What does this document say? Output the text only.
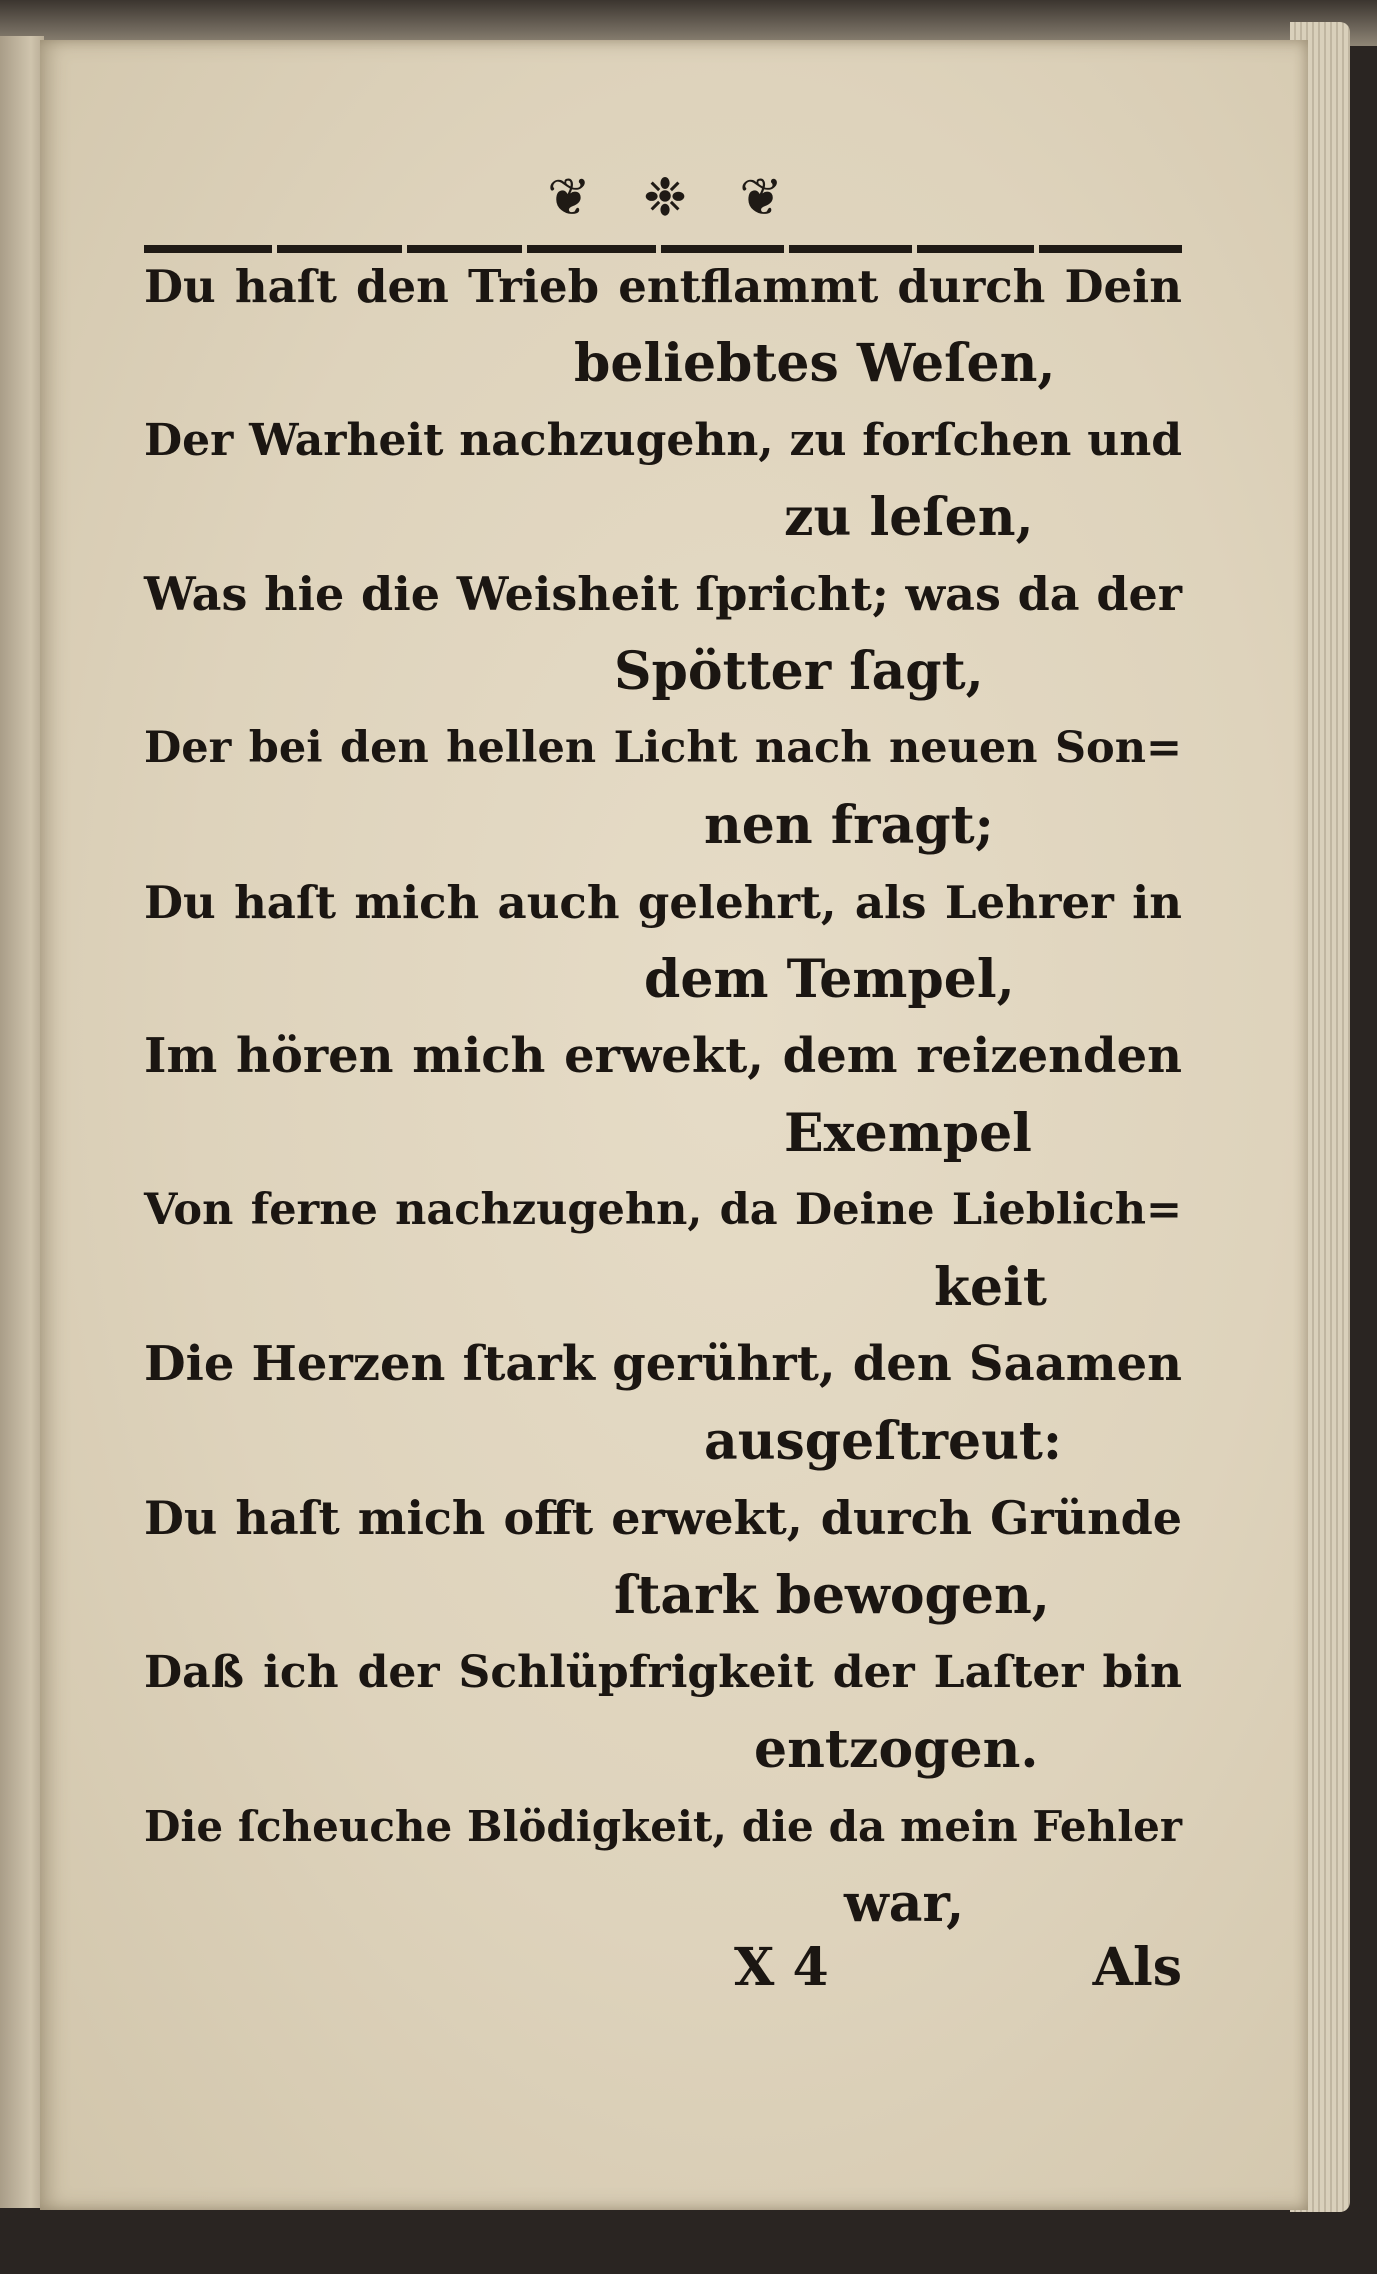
❦ ❉ ❦
Du haſt den Trieb entflammt durch Dein
beliebtes Weſen,
Der Warheit nachzugehn, zu forſchen und
zu leſen,
Was hie die Weisheit ſpricht; was da der
Spötter ſagt,
Der bei den hellen Licht nach neuen Son=
nen fragt;
Du haſt mich auch gelehrt, als Lehrer in
dem Tempel,
Im hören mich erwekt, dem reizenden
Exempel
Von ferne nachzugehn, da Deine Lieblich=
keit
Die Herzen ſtark gerührt, den Saamen
ausgeſtreut:
Du haſt mich offt erwekt, durch Gründe
ſtark bewogen,
Daß ich der Schlüpfrigkeit der Laſter bin
entzogen.
Die ſcheuche Blödigkeit, die da mein Fehler
war,
X 4	Als
